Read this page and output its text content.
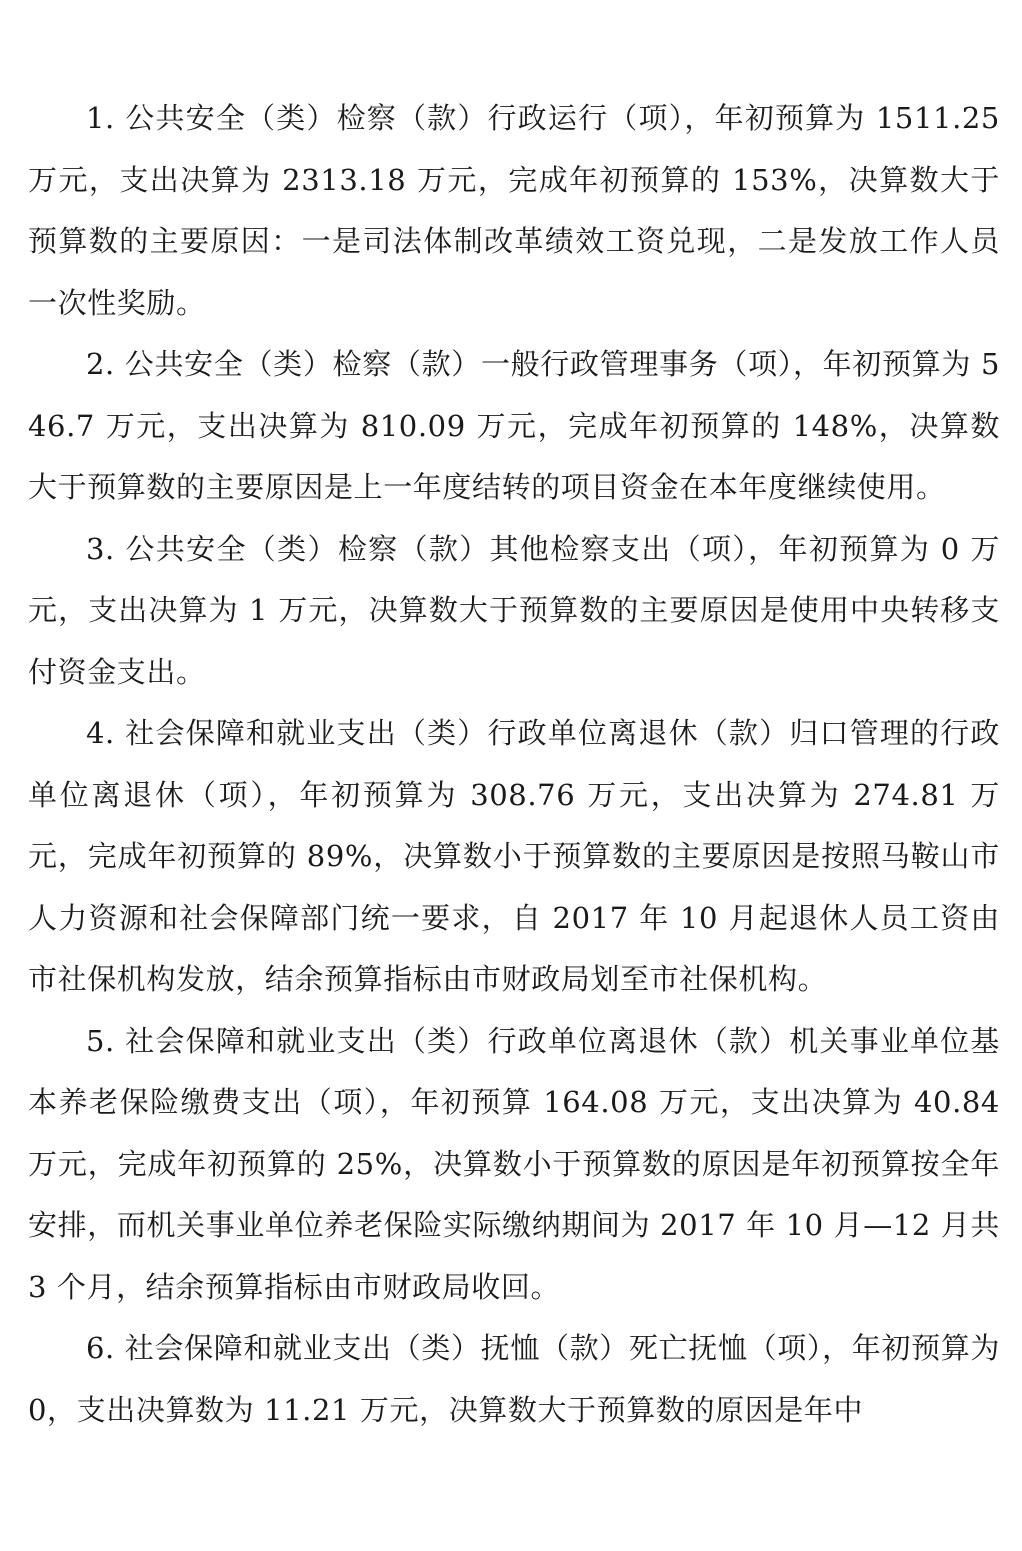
1. 公共安全（类）检察（款）行政运行（项），年初预算为 1511.25 万元，支出决算为 2313.18 万元，完成年初预算的 153%，决算数大于预算数的主要原因：一是司法体制改革绩效工资兑现，二是发放工作人员一次性奖励。

2. 公共安全（类）检察（款）一般行政管理事务（项），年初预算为 546.7 万元，支出决算为 810.09 万元，完成年初预算的 148%，决算数大于预算数的主要原因是上一年度结转的项目资金在本年度继续使用。

3. 公共安全（类）检察（款）其他检察支出（项），年初预算为 0 万元，支出决算为 1 万元，决算数大于预算数的主要原因是使用中央转移支付资金支出。

4. 社会保障和就业支出（类）行政单位离退休（款）归口管理的行政单位离退休（项），年初预算为 308.76 万元，支出决算为 274.81 万元，完成年初预算的 89%，决算数小于预算数的主要原因是按照马鞍山市人力资源和社会保障部门统一要求，自 2017 年 10 月起退休人员工资由市社保机构发放，结余预算指标由市财政局划至市社保机构。

5. 社会保障和就业支出（类）行政单位离退休（款）机关事业单位基本养老保险缴费支出（项），年初预算 164.08 万元，支出决算为 40.84 万元，完成年初预算的 25%，决算数小于预算数的原因是年初预算按全年安排，而机关事业单位养老保险实际缴纳期间为 2017 年 10 月—12 月共 3 个月，结余预算指标由市财政局收回。

6. 社会保障和就业支出（类）抚恤（款）死亡抚恤（项），年初预算为 0，支出决算数为 11.21 万元，决算数大于预算数的原因是年中
